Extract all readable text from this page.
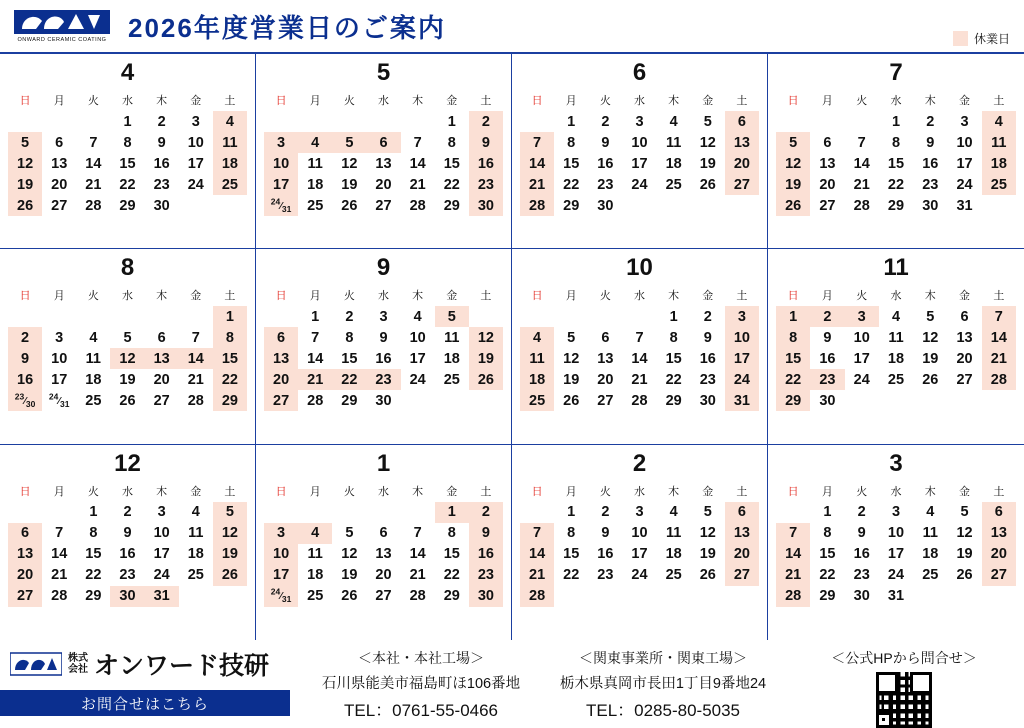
ONWARD CERAMIC COATING 2026年度営業日のご案内	休業日
4
日	月	火	水	木	金	土
			1	2	3	4
5	6	7	8	9	10	11
12	13	14	15	16	17	18
19	20	21	22	23	24	25
26	27	28	29	30		
5
日	月	火	水	木	金	土
					1	2
3	4	5	6	7	8	9
10	11	12	13	14	15	16
17	18	19	20	21	22	23
$^{24}⁄_{31}$	25	26	27	28	29	30
6
日	月	火	水	木	金	土
	1	2	3	4	5	6
7	8	9	10	11	12	13
14	15	16	17	18	19	20
21	22	23	24	25	26	27
28	29	30				
7
日	月	火	水	木	金	土
			1	2	3	4
5	6	7	8	9	10	11
12	13	14	15	16	17	18
19	20	21	22	23	24	25
26	27	28	29	30	31	
8
日	月	火	水	木	金	土
						1
2	3	4	5	6	7	8
9	10	11	12	13	14	15
16	17	18	19	20	21	22
$^{23}⁄_{30}$	$^{24}⁄_{31}$	25	26	27	28	29
9
日	月	火	水	木	金	土
	1	2	3	4	5	
6	7	8	9	10	11	12
13	14	15	16	17	18	19
20	21	22	23	24	25	26
27	28	29	30			
10
日	月	火	水	木	金	土
				1	2	3
4	5	6	7	8	9	10
11	12	13	14	15	16	17
18	19	20	21	22	23	24
25	26	27	28	29	30	31
11
日	月	火	水	木	金	土
1	2	3	4	5	6	7
8	9	10	11	12	13	14
15	16	17	18	19	20	21
22	23	24	25	26	27	28
29	30					
12
日	月	火	水	木	金	土
		1	2	3	4	5
6	7	8	9	10	11	12
13	14	15	16	17	18	19
20	21	22	23	24	25	26
27	28	29	30	31		
1
日	月	火	水	木	金	土
					1	2
3	4	5	6	7	8	9
10	11	12	13	14	15	16
17	18	19	20	21	22	23
$^{24}⁄_{31}$	25	26	27	28	29	30
2
日	月	火	水	木	金	土
	1	2	3	4	5	6
7	8	9	10	11	12	13
14	15	16	17	18	19	20
21	22	23	24	25	26	27
28						
3
日	月	火	水	木	金	土
	1	2	3	4	5	6
7	8	9	10	11	12	13
14	15	16	17	18	19	20
21	22	23	24	25	26	27
28	29	30	31			
株式
会社 オンワード技研
お問合せはこちら
＜本社・本社工場＞
石川県能美市福島町ほ106番地
TEL：0761-55-0466
＜関東事業所・関東工場＞
栃木県真岡市長田1丁目9番地24
TEL：0285-80-5035
＜公式HPから問合せ＞
